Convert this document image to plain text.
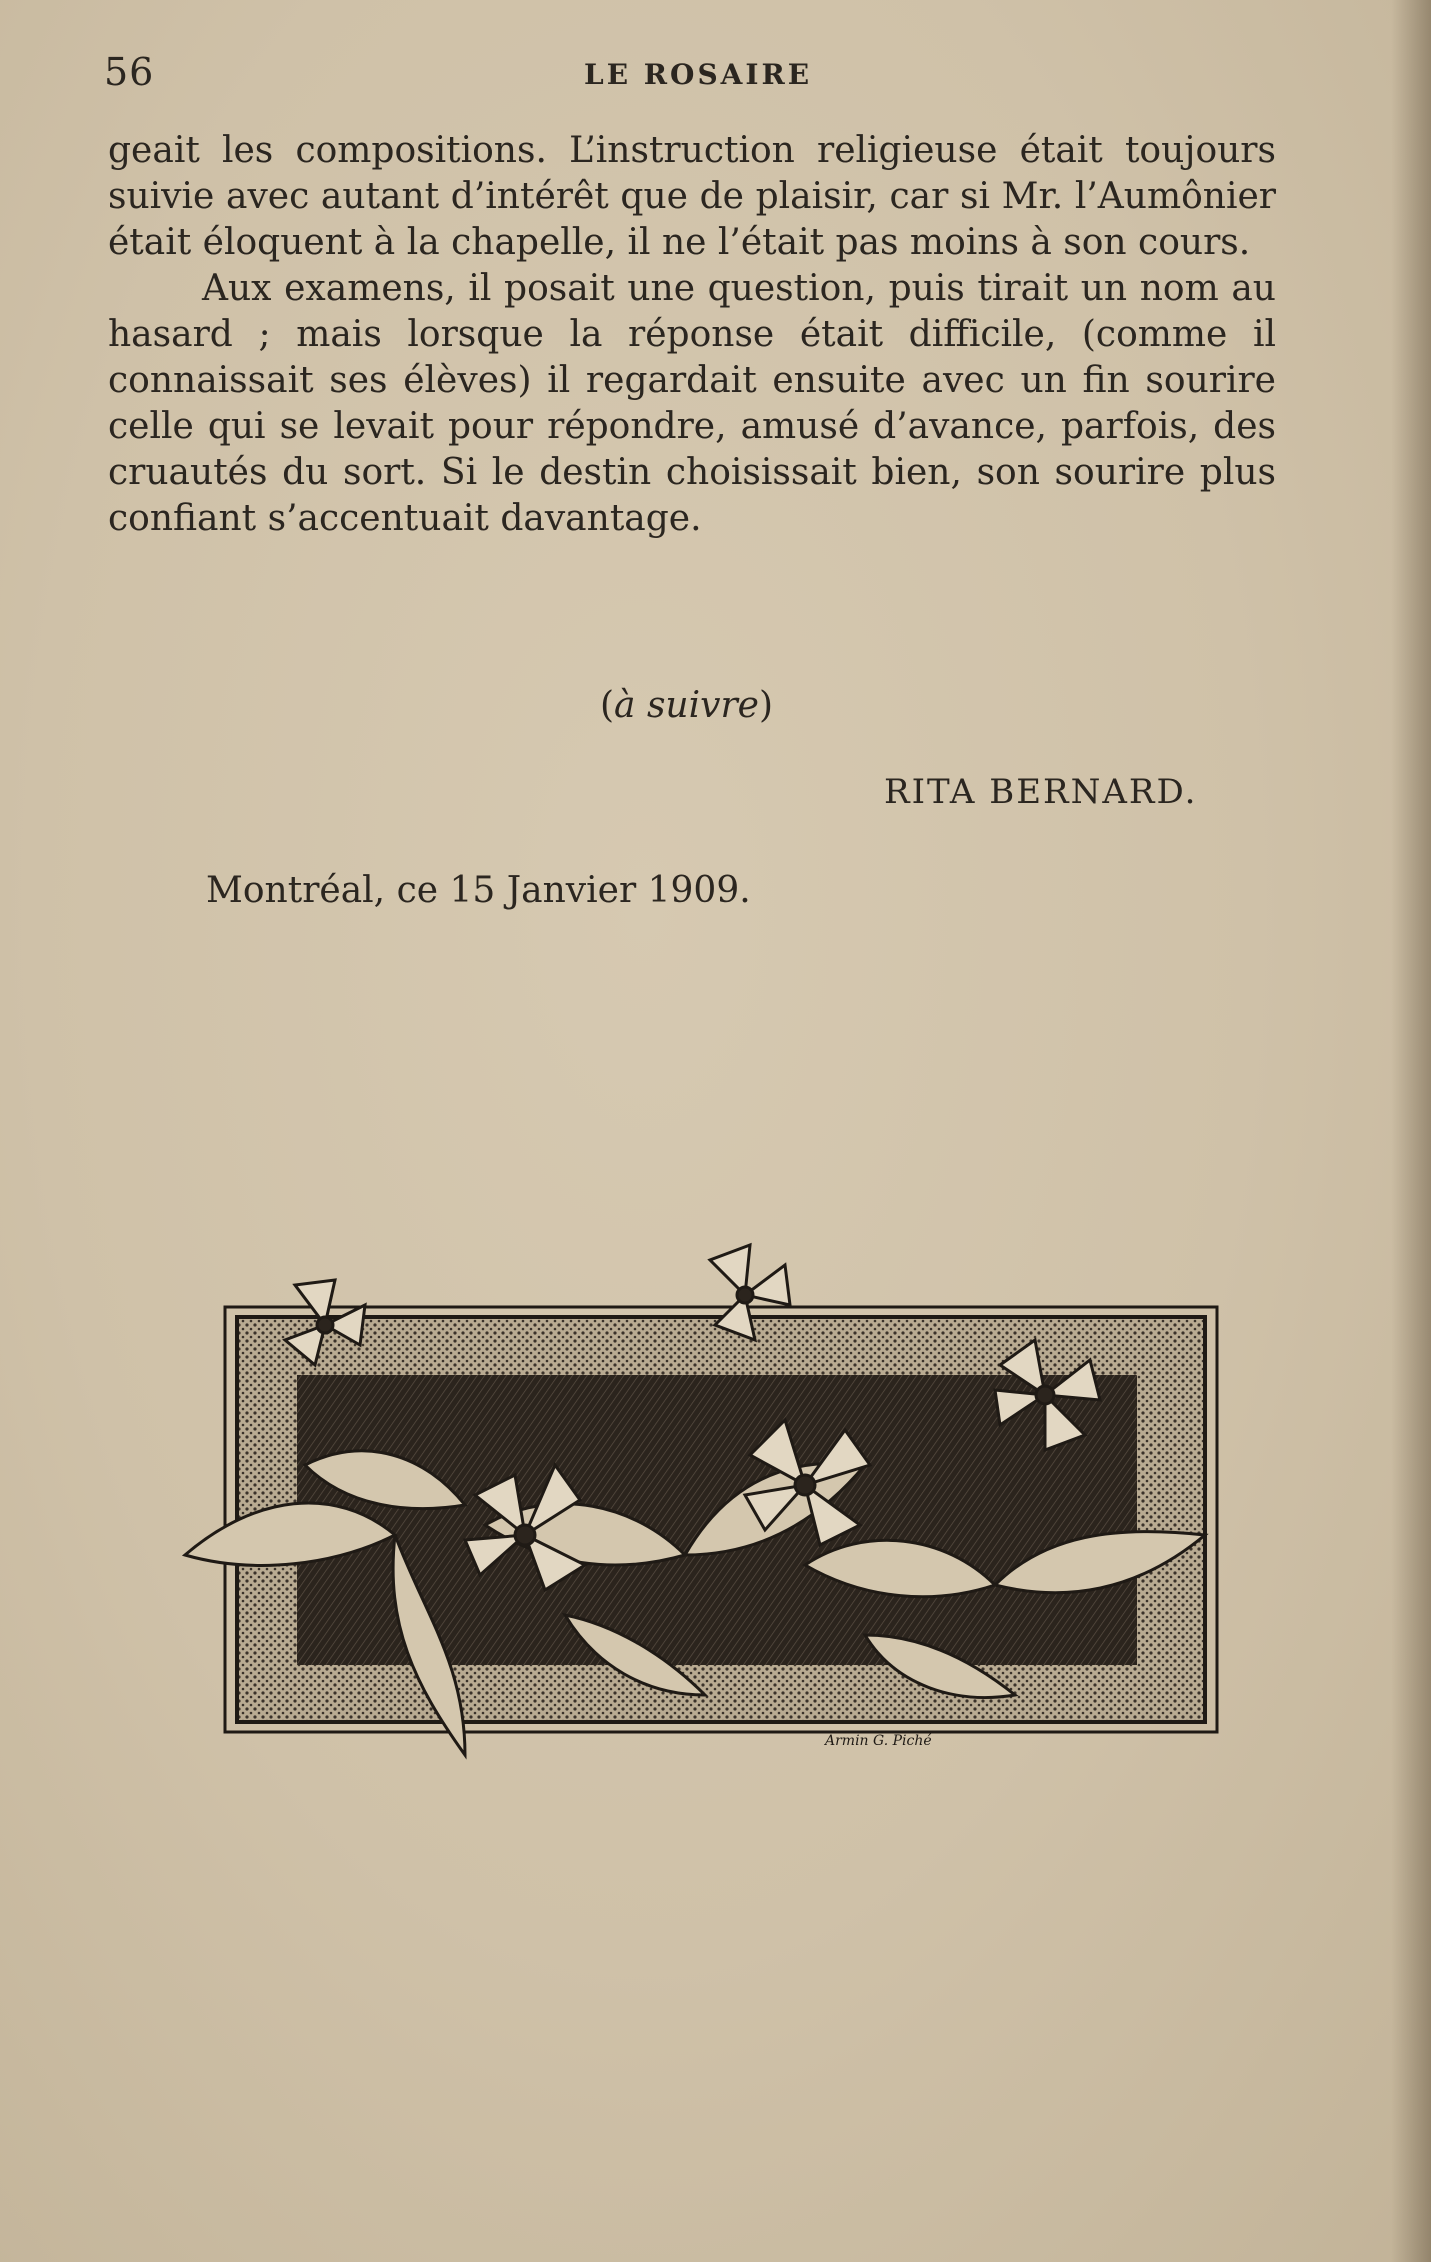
56	LE ROSAIRE

geait les compositions. L’instruction religieuse était toujours suivie avec autant d’intérêt que de plaisir, car si Mr. l’Aumônier était éloquent à la chapelle, il ne l’était pas moins à son cours.

Aux examens, il posait une question, puis tirait un nom au hasard ; mais lorsque la réponse était difficile, (comme il connaissait ses élèves) il regardait ensuite avec un fin sourire celle qui se levait pour répondre, amusé d’avance, parfois, des cruautés du sort. Si le destin choisissait bien, son sourire plus confiant s’accentuait davantage.

(à suivre)
RITA BERNARD.
Montréal, ce 15 Janvier 1909.
Armin G. Piché
